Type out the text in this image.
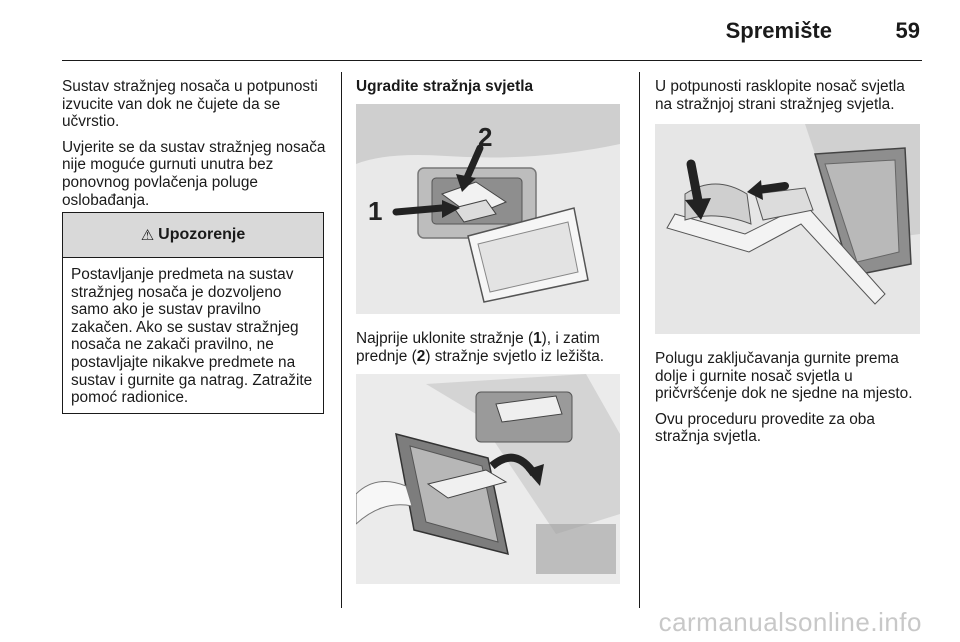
Spremište	59

Sustav stražnjeg nosača u potpunosti izvucite van dok ne čujete da se učvrstio.

Uvjerite se da sustav stražnjeg nosača nije moguće gurnuti unutra bez ponovnog povlačenja poluge oslobađanja.

⚠ Upozorenje
Postavljanje predmeta na sustav stražnjeg nosača je dozvoljeno samo ako je sustav pravilno zakačen. Ako se sustav stražnjeg nosača ne zakači pravilno, ne postavljajte nikakve predmete na sustav i gurnite ga natrag. Zatražite pomoć radionice.
Ugradite stražnja svjetla
1
2

Najprije uklonite stražnje (1), i zatim prednje (2) stražnje svjetlo iz ležišta.

U potpunosti rasklopite nosač svjetla na stražnjoj strani stražnjeg svjetla.

Polugu zaključavanja gurnite prema dolje i gurnite nosač svjetla u pričvršćenje dok ne sjedne na mjesto.

Ovu proceduru provedite za oba stražnja svjetla.

carmanualsonline.info
